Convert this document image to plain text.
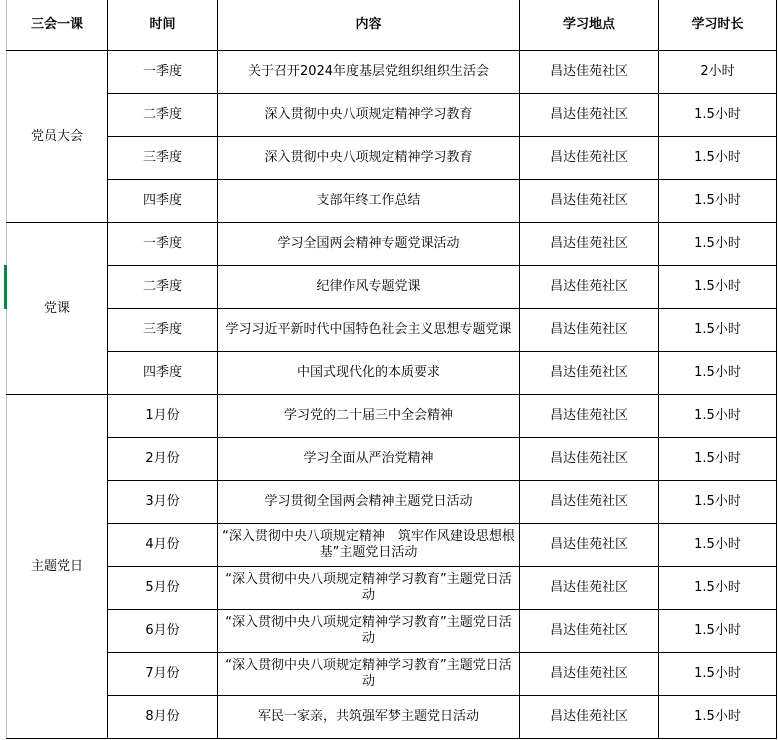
三会一课	时间	内容	学习地点	学习时长
党员大会	一季度	关于召开2024年度基层党组织组织生活会	昌达佳苑社区	2小时
	二季度	深入贯彻中央八项规定精神学习教育	昌达佳苑社区	1.5小时
	三季度	深入贯彻中央八项规定精神学习教育	昌达佳苑社区	1.5小时
	四季度	支部年终工作总结	昌达佳苑社区	1.5小时
党课	一季度	学习全国两会精神专题党课活动	昌达佳苑社区	1.5小时
	二季度	纪律作风专题党课	昌达佳苑社区	1.5小时
	三季度	学习习近平新时代中国特色社会主义思想专题党课	昌达佳苑社区	1.5小时
	四季度	中国式现代化的本质要求	昌达佳苑社区	1.5小时
主题党日	1月份	学习党的二十届三中全会精神	昌达佳苑社区	1.5小时
	2月份	学习全面从严治党精神	昌达佳苑社区	1.5小时
	3月份	学习贯彻全国两会精神主题党日活动	昌达佳苑社区	1.5小时
	4月份	“深入贯彻中央八项规定精神　筑牢作风建设思想根基”主题党日活动	昌达佳苑社区	1.5小时
	5月份	“深入贯彻中央八项规定精神学习教育”主题党日活动	昌达佳苑社区	1.5小时
	6月份	“深入贯彻中央八项规定精神学习教育”主题党日活动	昌达佳苑社区	1.5小时
	7月份	“深入贯彻中央八项规定精神学习教育”主题党日活动	昌达佳苑社区	1.5小时
	8月份	军民一家亲，共筑强军梦主题党日活动	昌达佳苑社区	1.5小时
